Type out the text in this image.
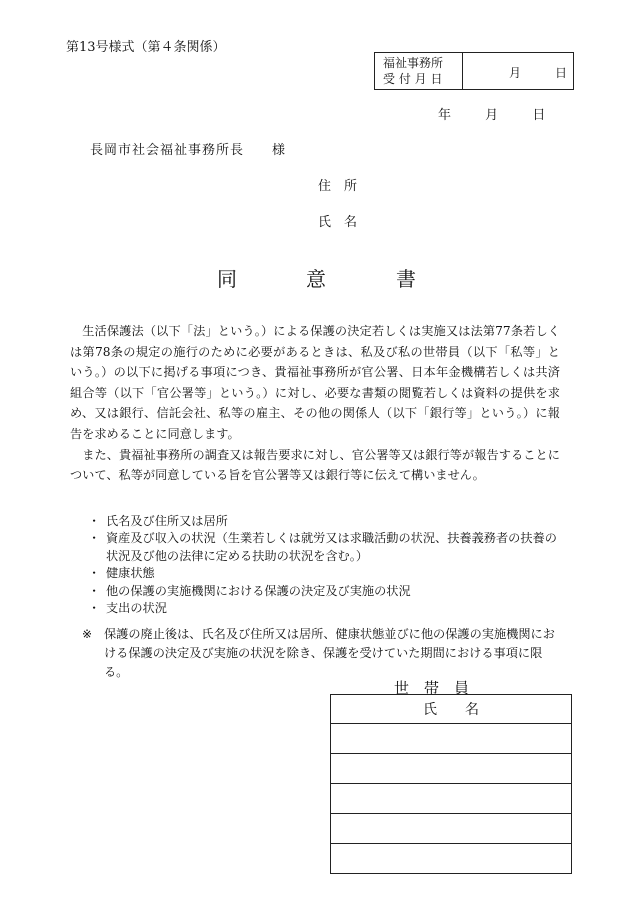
第13号様式（第４条関係）
福祉事務所
受 付 月 日	月	日
年	月	日
長岡市社会福祉事務所長　　様
住　所
氏　名
同	意	書

生活保護法（以下「法」という。）による保護の決定若しくは実施又は法第77条若しくは第78条の規定の施行のために必要があるときは、私及び私の世帯員（以下「私等」という。）の以下に掲げる事項につき、貴福祉事務所が官公署、日本年金機構若しくは共済組合等（以下「官公署等」という。）に対し、必要な書類の閲覧若しくは資料の提供を求め、又は銀行、信託会社、私等の雇主、その他の関係人（以下「銀行等」という。）に報告を求めることに同意します。

また、貴福祉事務所の調査又は報告要求に対し、官公署等又は銀行等が報告することについて、私等が同意している旨を官公署等又は銀行等に伝えて構いません。

・ 氏名及び住所又は居所
・ 資産及び収入の状況（生業若しくは就労又は求職活動の状況、扶養義務者の扶養の状況及び他の法律に定める扶助の状況を含む。）
・ 健康状態
・ 他の保護の実施機関における保護の決定及び実施の状況
・ 支出の状況
※ 保護の廃止後は、氏名及び住所又は居所、健康状態並びに他の保護の実施機関における保護の決定及び実施の状況を除き、保護を受けていた期間における事項に限る。
世　帯　員
氏　　名
